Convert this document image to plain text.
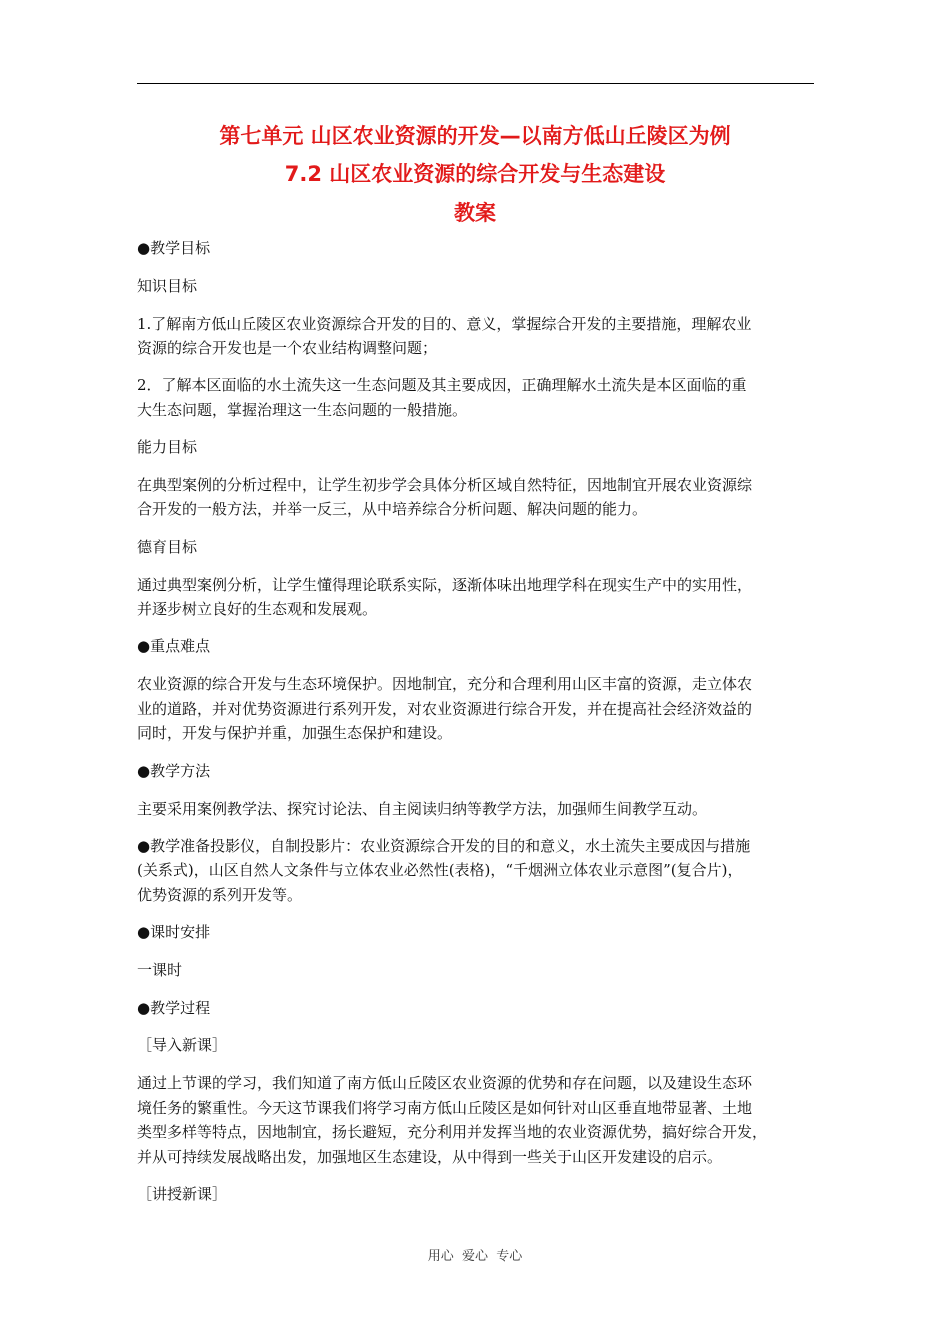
第七单元 山区农业资源的开发—以南方低山丘陵区为例
7.2 山区农业资源的综合开发与生态建设
教案
●教学目标
知识目标
1.了解南方低山丘陵区农业资源综合开发的目的、意义，掌握综合开发的主要措施，理解农业
资源的综合开发也是一个农业结构调整问题；
2．了解本区面临的水土流失这一生态问题及其主要成因，正确理解水土流失是本区面临的重
大生态问题，掌握治理这一生态问题的一般措施。
能力目标
在典型案例的分析过程中，让学生初步学会具体分析区域自然特征，因地制宜开展农业资源综
合开发的一般方法，并举一反三，从中培养综合分析问题、解决问题的能力。
德育目标
通过典型案例分析，让学生懂得理论联系实际，逐渐体味出地理学科在现实生产中的实用性，
并逐步树立良好的生态观和发展观。
●重点难点
农业资源的综合开发与生态环境保护。因地制宜，充分和合理利用山区丰富的资源，走立体农
业的道路，并对优势资源进行系列开发，对农业资源进行综合开发，并在提高社会经济效益的
同时，开发与保护并重，加强生态保护和建设。
●教学方法
主要采用案例教学法、探究讨论法、自主阅读归纳等教学方法，加强师生间教学互动。
●教学准备投影仪，自制投影片：农业资源综合开发的目的和意义，水土流失主要成因与措施
(关系式)，山区自然人文条件与立体农业必然性(表格)，“千烟洲立体农业示意图”(复合片)，
优势资源的系列开发等。
●课时安排
一课时
●教学过程
［导入新课］
通过上节课的学习，我们知道了南方低山丘陵区农业资源的优势和存在问题，以及建设生态环
境任务的繁重性。今天这节课我们将学习南方低山丘陵区是如何针对山区垂直地带显著、土地
类型多样等特点，因地制宜，扬长避短，充分利用并发挥当地的农业资源优势，搞好综合开发，
并从可持续发展战略出发，加强地区生态建设，从中得到一些关于山区开发建设的启示。
［讲授新课］
用心  爱心  专心
